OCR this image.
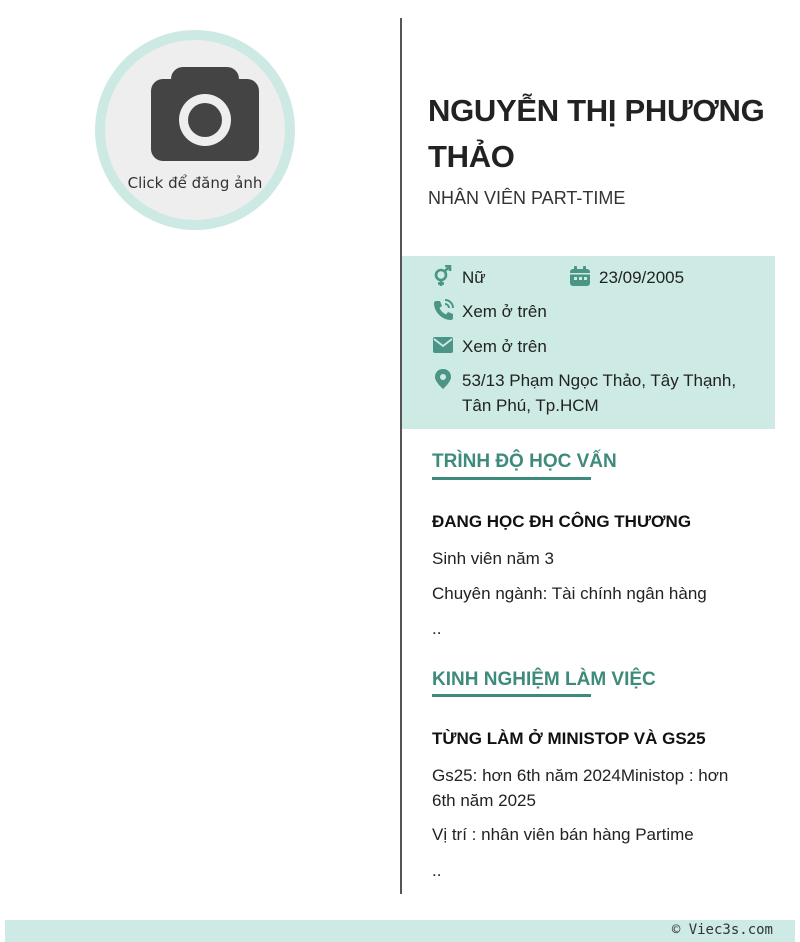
Click để đăng ảnh
NGUYỄN THỊ PHƯƠNG THẢO
NHÂN VIÊN PART-TIME
Nữ	23/09/2005
Xem ở trên
Xem ở trên
53/13 Phạm Ngọc Thảo, Tây Thạnh, Tân Phú, Tp.HCM
TRÌNH ĐỘ HỌC VẤN
ĐANG HỌC ĐH CÔNG THƯƠNG
Sinh viên năm 3
Chuyên ngành: Tài chính ngân hàng
..
KINH NGHIỆM LÀM VIỆC
TỪNG LÀM Ở MINISTOP VÀ GS25
Gs25: hơn 6th năm 2024Ministop : hơn 6th năm 2025
Vị trí : nhân viên bán hàng Partime
..
© Viec3s.com
